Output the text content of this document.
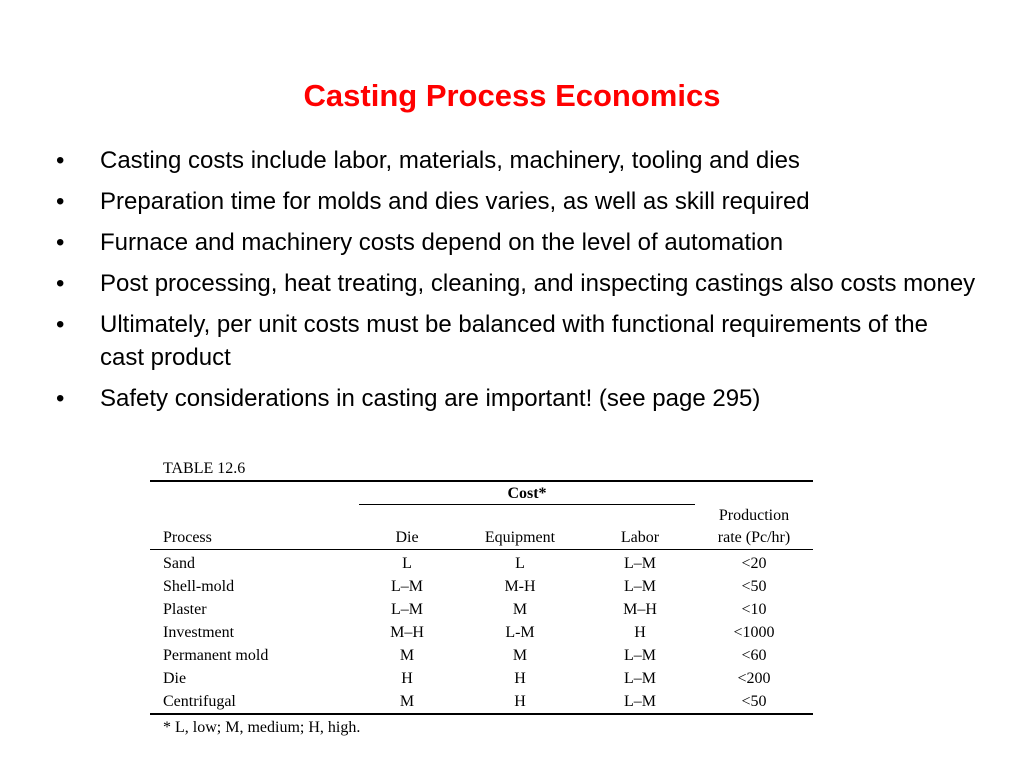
Casting Process Economics
•	Casting costs include labor, materials, machinery, tooling and dies
•	Preparation time for molds and dies varies, as well as skill required
•	Furnace and machinery costs depend on the level of automation
•	Post processing, heat treating, cleaning, and inspecting castings also costs money
•	Ultimately, per unit costs must be balanced with functional requirements of the cast product
•	Safety considerations in casting are important! (see page 295)
TABLE 12.6
	Cost*		

Process	Die	Equipment	Labor	Production
rate (Pc/hr)

Sand	L	L	L–M	<20
Shell-mold	L–M	M-H	L–M	<50
Plaster	L–M	M	M–H	<10
Investment	M–H	L-M	H	<1000
Permanent mold	M	M	L–M	<60
Die	H	H	L–M	<200
Centrifugal	M	H	L–M	<50
* L, low; M, medium; H, high.
